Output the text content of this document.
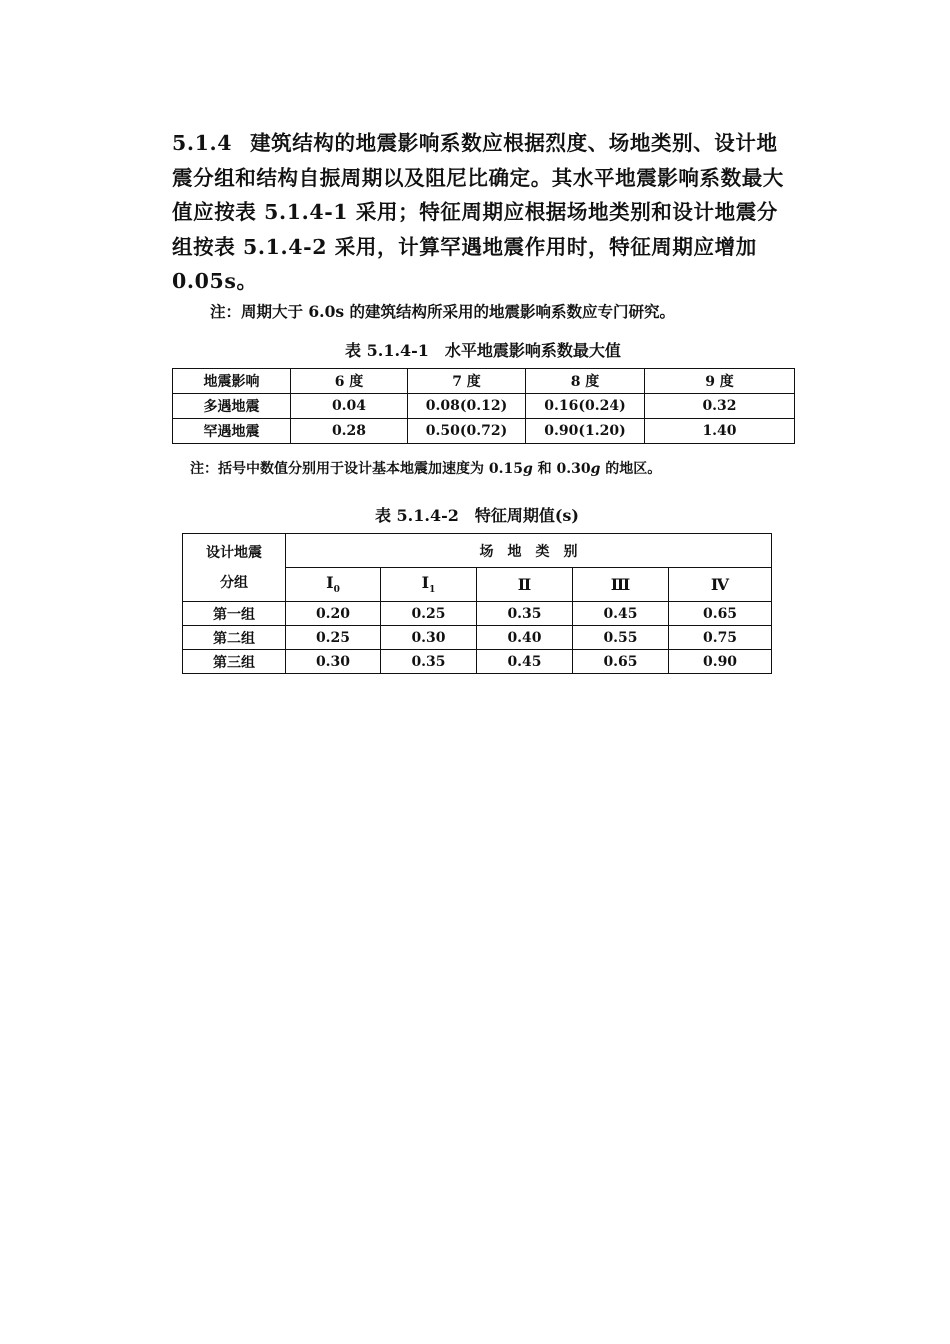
5.1.4 建筑结构的地震影响系数应根据烈度、场地类别、设计地震分组和结构自振周期以及阻尼比确定。其水平地震影响系数最大值应按表 5.1.4-1 采用；特征周期应根据场地类别和设计地震分组按表 5.1.4-2 采用，计算罕遇地震作用时，特征周期应增加 0.05s。

注：周期大于 6.0s 的建筑结构所采用的地震影响系数应专门研究。

表 5.1.4-1　水平地震影响系数最大值

地震影响	6 度	7 度	8 度	9 度
多遇地震	0.04	0.08(0.12)	0.16(0.24)	0.32
罕遇地震	0.28	0.50(0.72)	0.90(1.20)	1.40

注：括号中数值分别用于设计基本地震加速度为 0.15g 和 0.30g 的地区。

表 5.1.4-2　特征周期值(s)

设计地震
分组	场　地　类　别				
	$Ⅰ_0$	$Ⅰ_1$	Ⅱ	Ⅲ	Ⅳ
第一组	0.20	0.25	0.35	0.45	0.65
第二组	0.25	0.30	0.40	0.55	0.75
第三组	0.30	0.35	0.45	0.65	0.90
